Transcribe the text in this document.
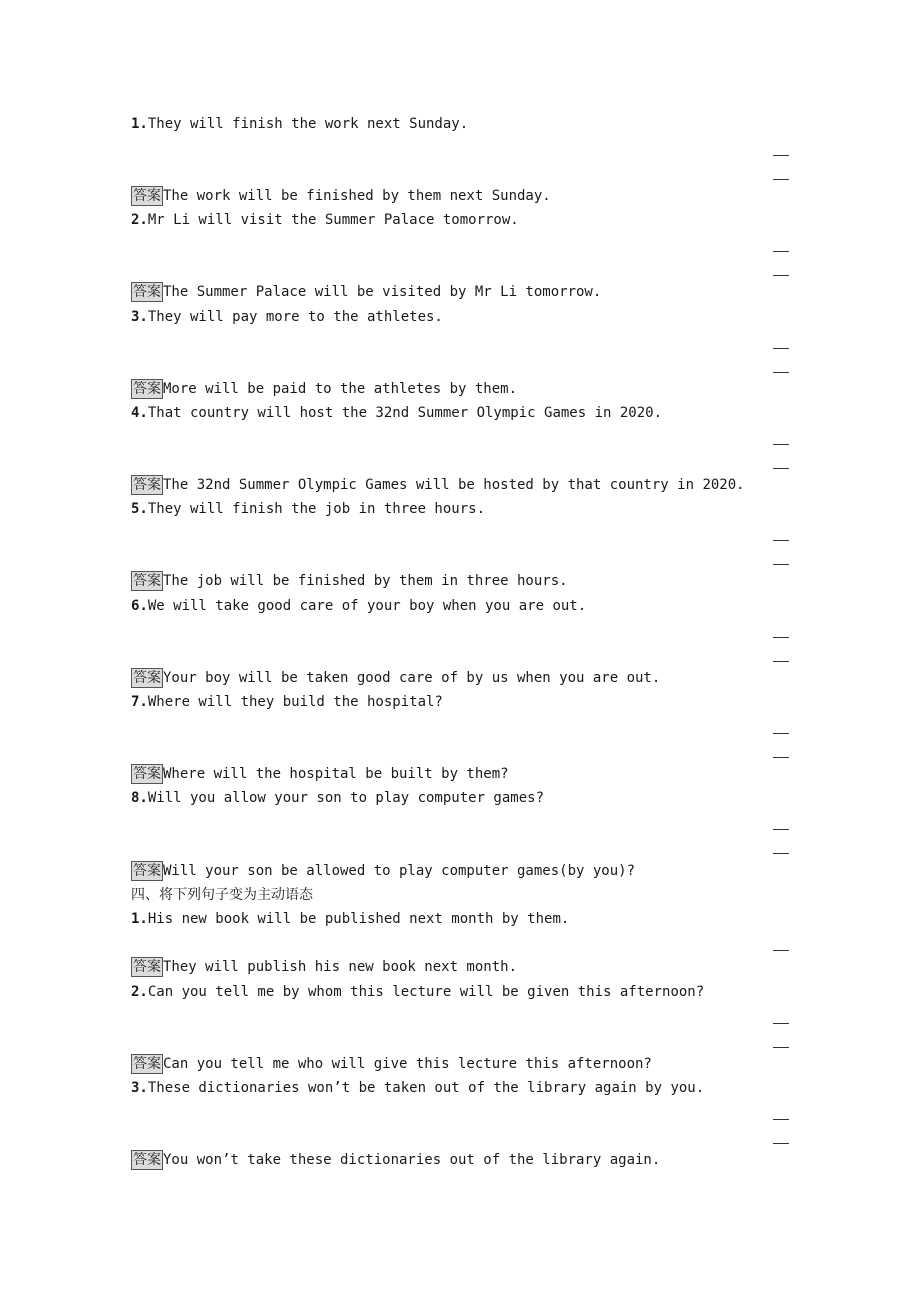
1.They will finish the work next Sunday.
答案 The work will be finished by them next Sunday.
2.Mr Li will visit the Summer Palace tomorrow.
答案 The Summer Palace will be visited by Mr Li tomorrow.
3.They will pay more to the athletes.
答案 More will be paid to the athletes by them.
4.That country will host the 32nd Summer Olympic Games in 2020.
答案 The 32nd Summer Olympic Games will be hosted by that country in 2020.
5.They will finish the job in three hours.
答案 The job will be finished by them in three hours.
6.We will take good care of your boy when you are out.
答案 Your boy will be taken good care of by us when you are out.
7.Where will they build the hospital?
答案 Where will the hospital be built by them?
8.Will you allow your son to play computer games?
答案 Will your son be allowed to play computer games(by you)?
四、将下列句子变为主动语态
1.His new book will be published next month by them.
答案 They will publish his new book next month.
2.Can you tell me by whom this lecture will be given this afternoon?
答案 Can you tell me who will give this lecture this afternoon?
3.These dictionaries won’t be taken out of the library again by you.
答案 You won’t take these dictionaries out of the library again.
